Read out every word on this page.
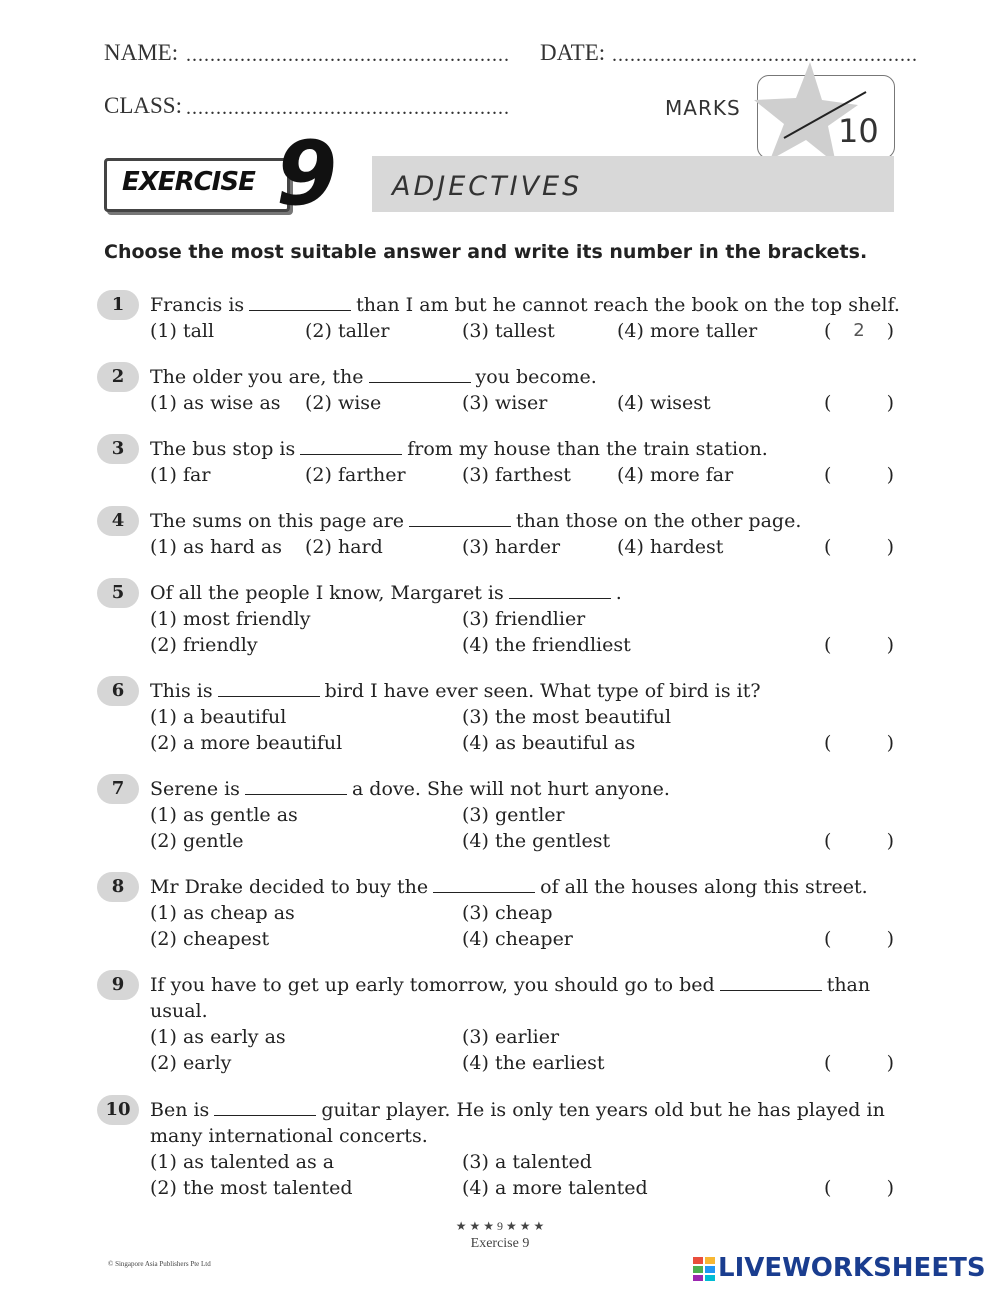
NAME: ...................................................... DATE: ...................................................
CLASS: ......................................................	MARKS
10
EXERCISE 9 ADJECTIVES
Choose the most suitable answer and write its number in the brackets.
1	Francis is	than I am but he cannot reach the book on the top shelf.
(1) tall	(2) taller	(3) tallest	(4) more taller	(	2	)
2	The older you are, the	you become.
(1) as wise as (2) wise	(3) wiser	(4) wisest	(	)
3	The bus stop is	from my house than the train station.
(1) far	(2) farther	(3) farthest (4) more far	(	)
4	The sums on this page are	than those on the other page.
(1) as hard as (2) hard	(3) harder	(4) hardest	(	)
5	Of all the people I know, Margaret is	.
(1) most friendly	(3) friendlier
(2) friendly	(4) the friendliest	(	)
6	This is	bird I have ever seen. What type of bird is it?
(1) a beautiful	(3) the most beautiful
(2) a more beautiful	(4) as beautiful as	(	)
7	Serene is	a dove. She will not hurt anyone.
(1) as gentle as	(3) gentler
(2) gentle	(4) the gentlest	(	)
8	Mr Drake decided to buy the	of all the houses along this street.
(1) as cheap as	(3) cheap
(2) cheapest	(4) cheaper	(	)
9	If you have to get up early tomorrow, you should go to bed	than
usual.
(1) as early as	(3) earlier
(2) early	(4) the earliest	(	)
10	Ben is	guitar player. He is only ten years old but he has played in
many international concerts.
(1) as talented as a	(3) a talented
(2) the most talented	(4) a more talented	(	)
★ ★ ★ 9 ★ ★ ★
Exercise 9
© Singapore Asia Publishers Pte Ltd	LIVEWORKSHEETS
